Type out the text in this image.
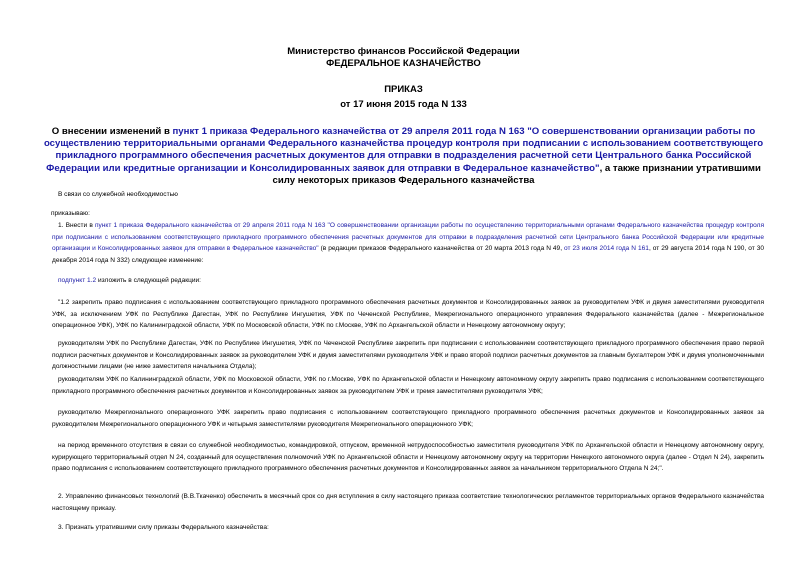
Министерство финансов Российской Федерации
ФЕДЕРАЛЬНОЕ КАЗНАЧЕЙСТВО
ПРИКАЗ
от 17 июня 2015 года N 133
О внесении изменений в пункт 1 приказа Федерального казначейства от 29 апреля 2011 года N 163 "О совершенствовании организации работы по осуществлению территориальными органами Федерального казначейства процедур контроля при подписании с использованием соответствующего прикладного программного обеспечения расчетных документов для отправки в подразделения расчетной сети Центрального банка Российской Федерации или кредитные организации и Консолидированных заявок для отправки в Федеральное казначейство", а также признании утратившими силу некоторых приказов Федерального казначейства
В связи со служебной необходимостью
приказываю:
1. Внести в пункт 1 приказа Федерального казначейства от 29 апреля 2011 года N 163 "О совершенствовании организации работы по осуществлению территориальными органами Федерального казначейства процедур контроля при подписании с использованием соответствующего прикладного программного обеспечения расчетных документов для отправки в подразделения расчетной сети Центрального банка Российской Федерации или кредитные организации и Консолидированных заявок для отправки в Федеральное казначейство" (в редакции приказов Федерального казначейства от 20 марта 2013 года N 49, от 23 июля 2014 года N 161, от 29 августа 2014 года N 190, от 30 декабря 2014 года N 332) следующее изменение:
подпункт 1.2 изложить в следующей редакции:
"1.2 закрепить право подписания с использованием соответствующего прикладного программного обеспечения расчетных документов и Консолидированных заявок за руководителем УФК и двумя заместителями руководителя УФК, за исключением УФК по Республике Дагестан, УФК по Республике Ингушетия, УФК по Чеченской Республике, Межрегионального операционного управления Федерального казначейства (далее - Межрегиональное операционное УФК), УФК по Калининградской области, УФК по Московской области, УФК по г.Москве, УФК по Архангельской области и Ненецкому автономному округу;
руководителям УФК по Республике Дагестан, УФК по Республике Ингушетия, УФК по Чеченской Республике закрепить при подписании с использованием соответствующего прикладного программного обеспечения право первой подписи расчетных документов и Консолидированных заявок за руководителем УФК и двумя заместителями руководителя УФК и право второй подписи расчетных документов за главным бухгалтером УФК и двумя уполномоченными должностными лицами (не ниже заместителя начальника Отдела);
руководителям УФК по Калининградской области, УФК по Московской области, УФК по г.Москве, УФК по Архангельской области и Ненецкому автономному округу закрепить право подписания с использованием соответствующего прикладного программного обеспечения расчетных документов и Консолидированных заявок за руководителем УФК и тремя заместителями руководителя УФК;
руководителю Межрегионального операционного УФК закрепить право подписания с использованием соответствующего прикладного программного обеспечения расчетных документов и Консолидированных заявок за руководителем Межрегионального операционного УФК и четырьмя заместителями руководителя Межрегионального операционного УФК;
на период временного отсутствия в связи со служебной необходимостью, командировкой, отпуском, временной нетрудоспособностью заместителя руководителя УФК по Архангельской области и Ненецкому автономному округу, курирующего территориальный отдел N 24, созданный для осуществления полномочий УФК по Архангельской области и Ненецкому автономному округу на территории Ненецкого автономного округа (далее - Отдел N 24), закрепить право подписания с использованием соответствующего прикладного программного обеспечения расчетных документов и Консолидированных заявок за начальником территориального Отдела N 24;".
2. Управлению финансовых технологий (В.В.Ткаченко) обеспечить в месячный срок со дня вступления в силу настоящего приказа соответствие технологических регламентов территориальных органов Федерального казначейства настоящему приказу.
3. Признать утратившими силу приказы Федерального казначейства:
